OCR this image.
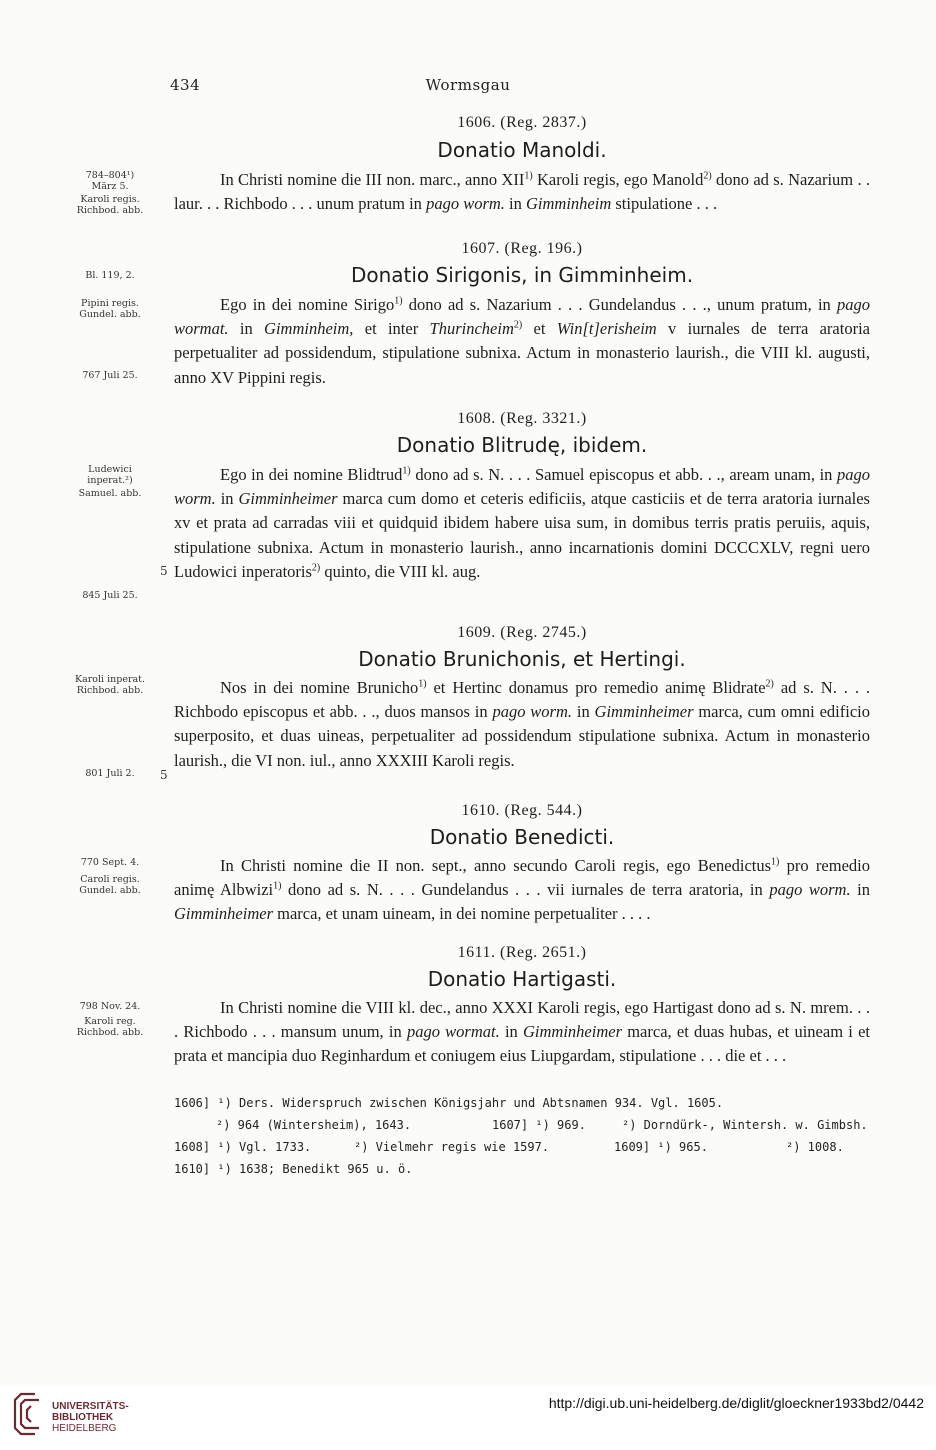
434	Wormsgau
1606. (Reg. 2837.)
Donatio Manoldi.
784–804¹)
März 5.
Karoli regis.
Richbod. abb.

In Christi nomine die III non. marc., anno XII$^{1)}$ Karoli regis, ego Manold$^{2)}$ dono ad s. Nazarium . . laur. . . Richbodo . . . unum pratum in pago worm. in Gimminheim stipulatione . . .

1607. (Reg. 196.)
Bl. 119, 2.	Donatio Sirigonis, in Gimminheim.
Pipini regis.
Gundel. abb.
767 Juli 25.

Ego in dei nomine Sirigo$^{1)}$ dono ad s. Nazarium . . . Gundelandus . . ., unum pratum, in pago wormat. in Gimminheim, et inter Thurincheim$^{2)}$ et Win[t]erisheim v iurnales de terra aratoria perpetualiter ad possidendum, stipulatione subnixa. Actum in monasterio laurish., die VIII kl. augusti, anno XV Pippini regis.

1608. (Reg. 3321.)
Donatio Blitrudę, ibidem.
Ludewici
inperat.²)
Samuel. abb.
5
845 Juli 25.

Ego in dei nomine Blidtrud$^{1)}$ dono ad s. N. . . . Samuel episcopus et abb. . ., aream unam, in pago worm. in Gimminheimer marca cum domo et ceteris edificiis, atque casticiis et de terra aratoria iurnales xv et prata ad carradas viii et quidquid ibidem habere uisa sum, in domibus terris pratis peruiis, aquis, stipulatione subnixa. Actum in monasterio laurish., anno incarnationis domini DCCCXLV, regni uero Ludowici inperatoris$^{2)}$ quinto, die VIII kl. aug.

1609. (Reg. 2745.)
Donatio Brunichonis, et Hertingi.
Karoli inperat.
Richbod. abb.
5
801 Juli 2.

Nos in dei nomine Brunicho$^{1)}$ et Hertinc donamus pro remedio animę Blidrate$^{2)}$ ad s. N. . . . Richbodo episcopus et abb. . ., duos mansos in pago worm. in Gimminheimer marca, cum omni edificio superposito, et duas uineas, perpetualiter ad possidendum stipulatione subnixa. Actum in monasterio laurish., die VI non. iul., anno XXXIII Karoli regis.

1610. (Reg. 544.)
Donatio Benedicti.
770 Sept. 4.
Caroli regis.
Gundel. abb.

In Christi nomine die II non. sept., anno secundo Caroli regis, ego Benedictus$^{1)}$ pro remedio animę Albwizi$^{1)}$ dono ad s. N. . . . Gundelandus . . . vii iurnales de terra aratoria, in pago worm. in Gimminheimer marca, et unam uineam, in dei nomine perpetualiter . . . .

1611. (Reg. 2651.)
Donatio Hartigasti.
798 Nov. 24.
Karoli reg.
Richbod. abb.

In Christi nomine die VIII kl. dec., anno XXXI Karoli regis, ego Hartigast dono ad s. N. mrem. . . . Richbodo . . . mansum unum, in pago wormat. in Gimminheimer marca, et duas hubas, et uineam i et prata et mancipia duo Reginhardum et coniugem eius Liupgardam, stipulatione . . . die et . . .

1606] ¹) Ders. Widerspruch zwischen Königsjahr und Abtsnamen 934. Vgl. 1605.
²) 964 (Wintersheim), 1643.	1607] ¹) 969.	²) Dorndürk-, Wintersh. w. Gimbsh.
1608] ¹) Vgl. 1733.	²) Vielmehr regis wie 1597.	1609] ¹) 965.	²) 1008.
1610] ¹) 1638; Benedikt 965 u. ö.
UNIVERSITÄTS-
BIBLIOTHEK
HEIDELBERG
http://digi.ub.uni-heidelberg.de/diglit/gloeckner1933bd2/0442
